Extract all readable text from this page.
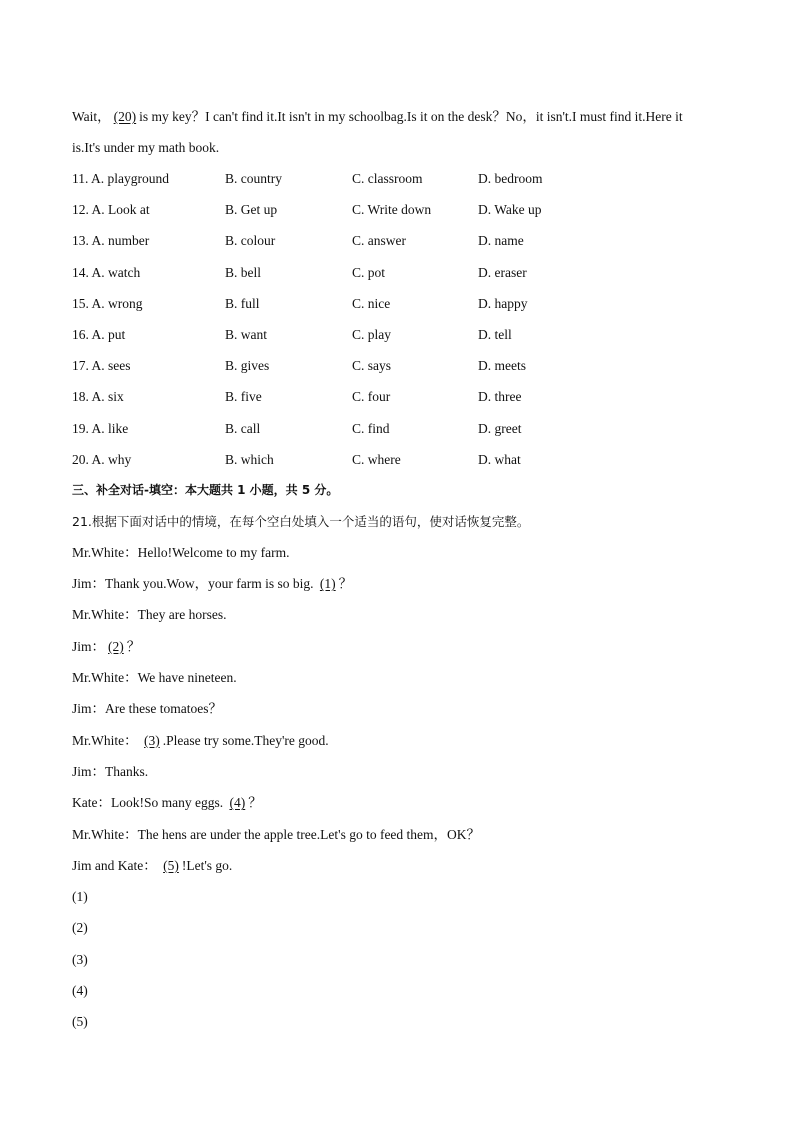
Wait， (20) is my key？I can't find it.It isn't in my schoolbag.Is it on the desk？No，it isn't.I must find it.Here it

is.It's under my math book.

11. A. playground	B. country	C. classroom	D. bedroom
12. A. Look at	B. Get up	C. Write down	D. Wake up
13. A. number	B. colour	C. answer	D. name
14. A. watch	B. bell	C. pot	D. eraser
15. A. wrong	B. full	C. nice	D. happy
16. A. put	B. want	C. play	D. tell
17. A. sees	B. gives	C. says	D. meets
18. A. six	B. five	C. four	D. three
19. A. like	B. call	C. find	D. greet
20. A. why	B. which	C. where	D. what
三、补全对话-填空：本大题共 1 小题，共 5 分。
21.根据下面对话中的情境，在每个空白处填入一个适当的语句，使对话恢复完整。
Mr.White：Hello!Welcome to my farm.
Jim：Thank you.Wow，your farm is so big. (1) ？
Mr.White：They are horses.
Jim： (2) ？
Mr.White：We have nineteen.
Jim：Are these tomatoes？
Mr.White： (3) .Please try some.They're good.
Jim：Thanks.
Kate：Look!So many eggs. (4) ？
Mr.White：The hens are under the apple tree.Let's go to feed them，OK？
Jim and Kate： (5) !Let's go.
(1)
(2)
(3)
(4)
(5)
